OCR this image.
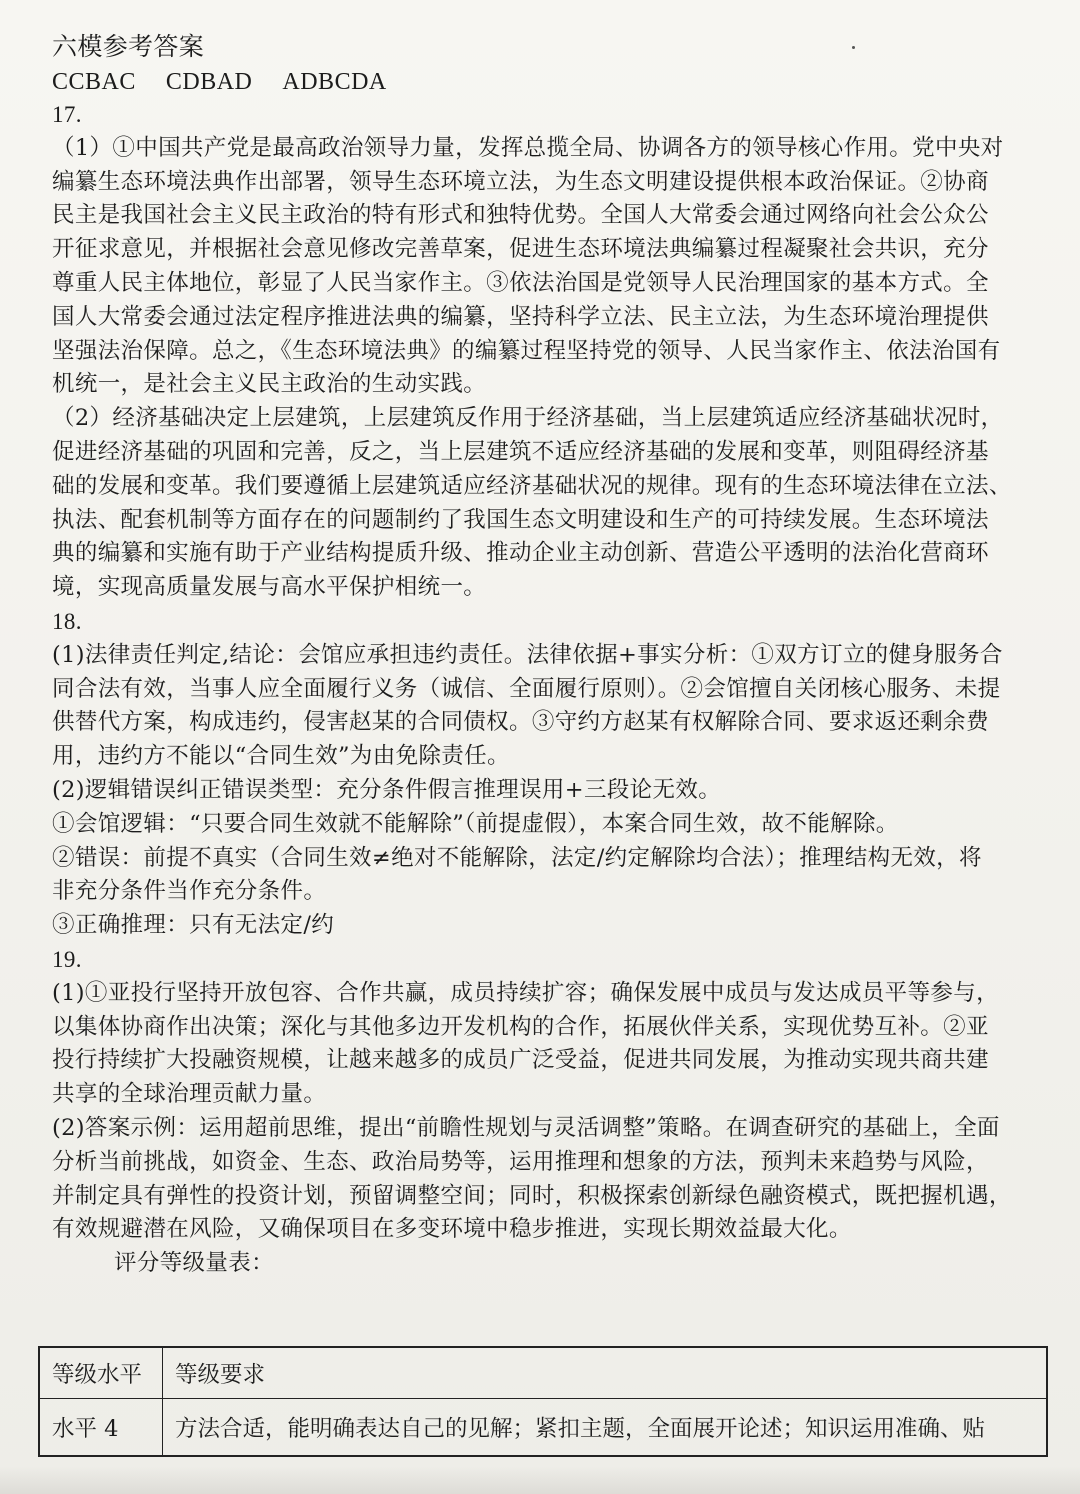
六模参考答案
CCBAC CDBAD ADBCDA
17.
（1）①中国共产党是最高政治领导力量，发挥总揽全局、协调各方的领导核心作用。党中央对
编纂生态环境法典作出部署，领导生态环境立法，为生态文明建设提供根本政治保证。②协商
民主是我国社会主义民主政治的特有形式和独特优势。全国人大常委会通过网络向社会公众公
开征求意见，并根据社会意见修改完善草案，促进生态环境法典编纂过程凝聚社会共识，充分
尊重人民主体地位，彰显了人民当家作主。③依法治国是党领导人民治理国家的基本方式。全
国人大常委会通过法定程序推进法典的编纂，坚持科学立法、民主立法，为生态环境治理提供
坚强法治保障。总之，《生态环境法典》的编纂过程坚持党的领导、人民当家作主、依法治国有
机统一，是社会主义民主政治的生动实践。
（2）经济基础决定上层建筑，上层建筑反作用于经济基础，当上层建筑适应经济基础状况时，
促进经济基础的巩固和完善，反之，当上层建筑不适应经济基础的发展和变革，则阻碍经济基
础的发展和变革。我们要遵循上层建筑适应经济基础状况的规律。现有的生态环境法律在立法、
执法、配套机制等方面存在的问题制约了我国生态文明建设和生产的可持续发展。生态环境法
典的编纂和实施有助于产业结构提质升级、推动企业主动创新、营造公平透明的法治化营商环
境，实现高质量发展与高水平保护相统一。
18.
(1)法律责任判定,结论：会馆应承担违约责任。法律依据+事实分析：①双方订立的健身服务合
同合法有效，当事人应全面履行义务（诚信、全面履行原则）。②会馆擅自关闭核心服务、未提
供替代方案，构成违约，侵害赵某的合同债权。③守约方赵某有权解除合同、要求返还剩余费
用，违约方不能以“合同生效”为由免除责任。
(2)逻辑错误纠正错误类型：充分条件假言推理误用+三段论无效。
①会馆逻辑：“只要合同生效就不能解除”（前提虚假），本案合同生效，故不能解除。
②错误：前提不真实（合同生效≠绝对不能解除，法定/约定解除均合法）；推理结构无效，将
非充分条件当作充分条件。
③正确推理：只有无法定/约
19.
(1)①亚投行坚持开放包容、合作共赢，成员持续扩容；确保发展中成员与发达成员平等参与，
以集体协商作出决策；深化与其他多边开发机构的合作，拓展伙伴关系，实现优势互补。②亚
投行持续扩大投融资规模，让越来越多的成员广泛受益，促进共同发展，为推动实现共商共建
共享的全球治理贡献力量。
(2)答案示例：运用超前思维，提出“前瞻性规划与灵活调整”策略。在调查研究的基础上，全面
分析当前挑战，如资金、生态、政治局势等，运用推理和想象的方法，预判未来趋势与风险，
并制定具有弹性的投资计划，预留调整空间；同时，积极探索创新绿色融资模式，既把握机遇，
有效规避潜在风险，又确保项目在多变环境中稳步推进，实现长期效益最大化。
评分等级量表：
等级水平	等级要求
水平 4	方法合适，能明确表达自己的见解；紧扣主题，全面展开论述；知识运用准确、贴
